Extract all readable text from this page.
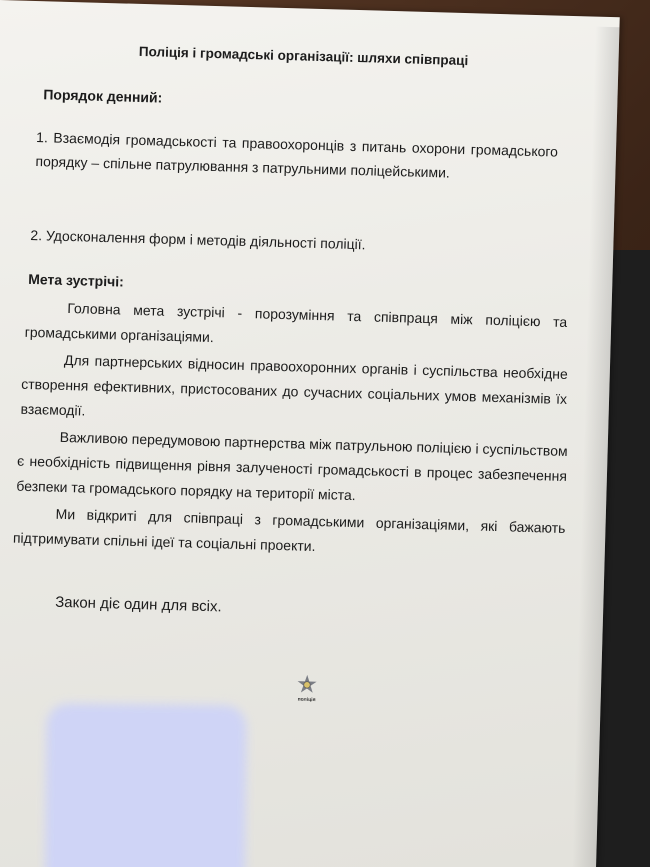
Поліція і громадські організації: шляхи співпраці
Порядок денний:
1. Взаємодія громадськості та правоохоронців з питань охорони громадського порядку – спільне патрулювання з патрульними поліцейськими.
2. Удосконалення форм і методів діяльності поліції.
Мета зустрічі:
Головна мета зустрічі - порозуміння та співпраця між поліцією та громадськими організаціями.
Для партнерських відносин правоохоронних органів і суспільства необхідне створення ефективних, пристосованих до сучасних соціальних умов механізмів їх взаємодії.
Важливою передумовою партнерства між патрульною поліцією і суспільством є необхідність підвищення рівня залученості громадськості в процес забезпечення безпеки та громадського порядку на території міста.
Ми відкриті для співпраці з громадськими організаціями, які бажають підтримувати спільні ідеї та соціальні проекти.
Закон діє один для всіх.
поліція
